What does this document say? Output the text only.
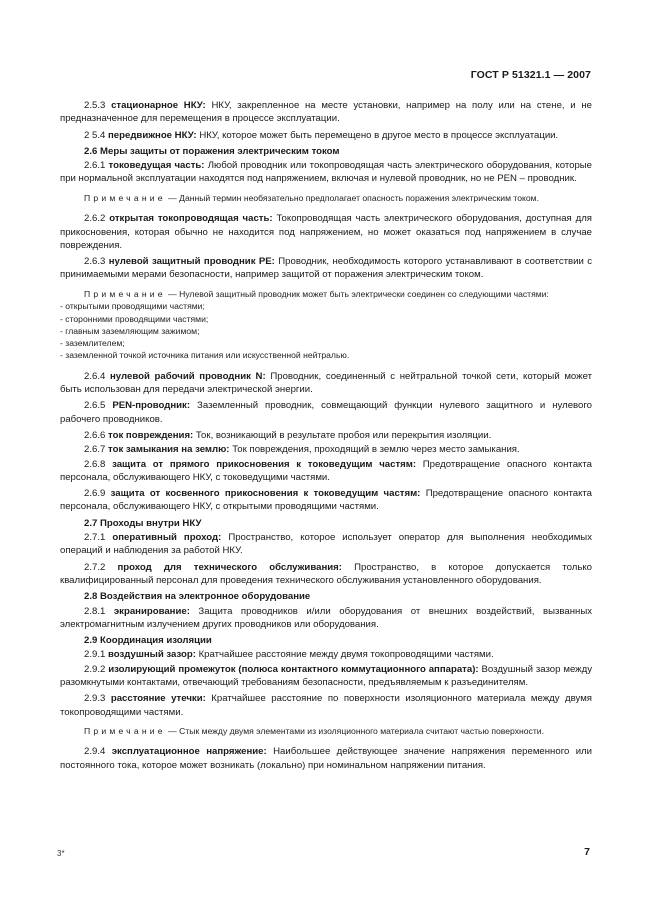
ГОСТ Р 51321.1 — 2007

2.5.3 стационарное НКУ: НКУ, закрепленное на месте установки, например на полу или на стене, и не предназначенное для перемещения в процессе эксплуатации.

2 5.4 передвижное НКУ: НКУ, которое может быть перемещено в другое место в процессе эксплуатации.

2.6 Меры защиты от поражения электрическим током

2.6.1 токоведущая часть: Любой проводник или токопроводящая часть электрического оборудования, которые при нормальной эксплуатации находятся под напряжением, включая и нулевой проводник, но не PEN – проводник.

Примечание — Данный термин необязательно предполагает опасность поражения электрическим током.

2.6.2 открытая токопроводящая часть: Токопроводящая часть электрического оборудования, доступная для прикосновения, которая обычно не находится под напряжением, но может оказаться под напряжением в случае повреждения.

2.6.3 нулевой защитный проводник PE: Проводник, необходимость которого устанавливают в соответствии с принимаемыми мерами безопасности, например защитой от поражения электрическим током.

Примечание — Нулевой защитный проводник может быть электрически соединен со следующими частями:

- открытыми проводящими частями;
- сторонними проводящими частями;
- главным заземляющим зажимом;
- заземлителем;
- заземленной точкой источника питания или искусственной нейтралью.

2.6.4 нулевой рабочий проводник N: Проводник, соединенный с нейтральной точкой сети, который может быть использован для передачи электрической энергии.

2.6.5 PEN-проводник: Заземленный проводник, совмещающий функции нулевого защитного и нулевого рабочего проводников.

2.6.6 ток повреждения: Ток, возникающий в результате пробоя или перекрытия изоляции.

2.6.7 ток замыкания на землю: Ток повреждения, проходящий в землю через место замыкания.

2.6.8 защита от прямого прикосновения к токоведущим частям: Предотвращение опасного контакта персонала, обслуживающего НКУ, с токоведущими частями.

2.6.9 защита от косвенного прикосновения к токоведущим частям: Предотвращение опасного контакта персонала, обслуживающего НКУ, с открытыми проводящими частями.

2.7 Проходы внутри НКУ

2.7.1 оперативный проход: Пространство, которое использует оператор для выполнения необходимых операций и наблюдения за работой НКУ.

2.7.2 проход для технического обслуживания: Пространство, в которое допускается только квалифицированный персонал для проведения технического обслуживания установленного оборудования.

2.8 Воздействия на электронное оборудование

2.8.1 экранирование: Защита проводников и/или оборудования от внешних воздействий, вызванных электромагнитным излучением других проводников или оборудования.

2.9 Координация изоляции

2.9.1 воздушный зазор: Кратчайшее расстояние между двумя токопроводящими частями.

2.9.2 изолирующий промежуток (полюса контактного коммутационного аппарата): Воздушный зазор между разомкнутыми контактами, отвечающий требованиям безопасности, предъявляемым к разъединителям.

2.9.3 расстояние утечки: Кратчайшее расстояние по поверхности изоляционного материала между двумя токопроводящими частями.

Примечание — Стык между двумя элементами из изоляционного материала считают частью поверхности.

2.9.4 эксплуатационное напряжение: Наибольшее действующее значение напряжения переменного или постоянного тока, которое может возникать (локально) при номинальном напряжении питания.

3*	7
